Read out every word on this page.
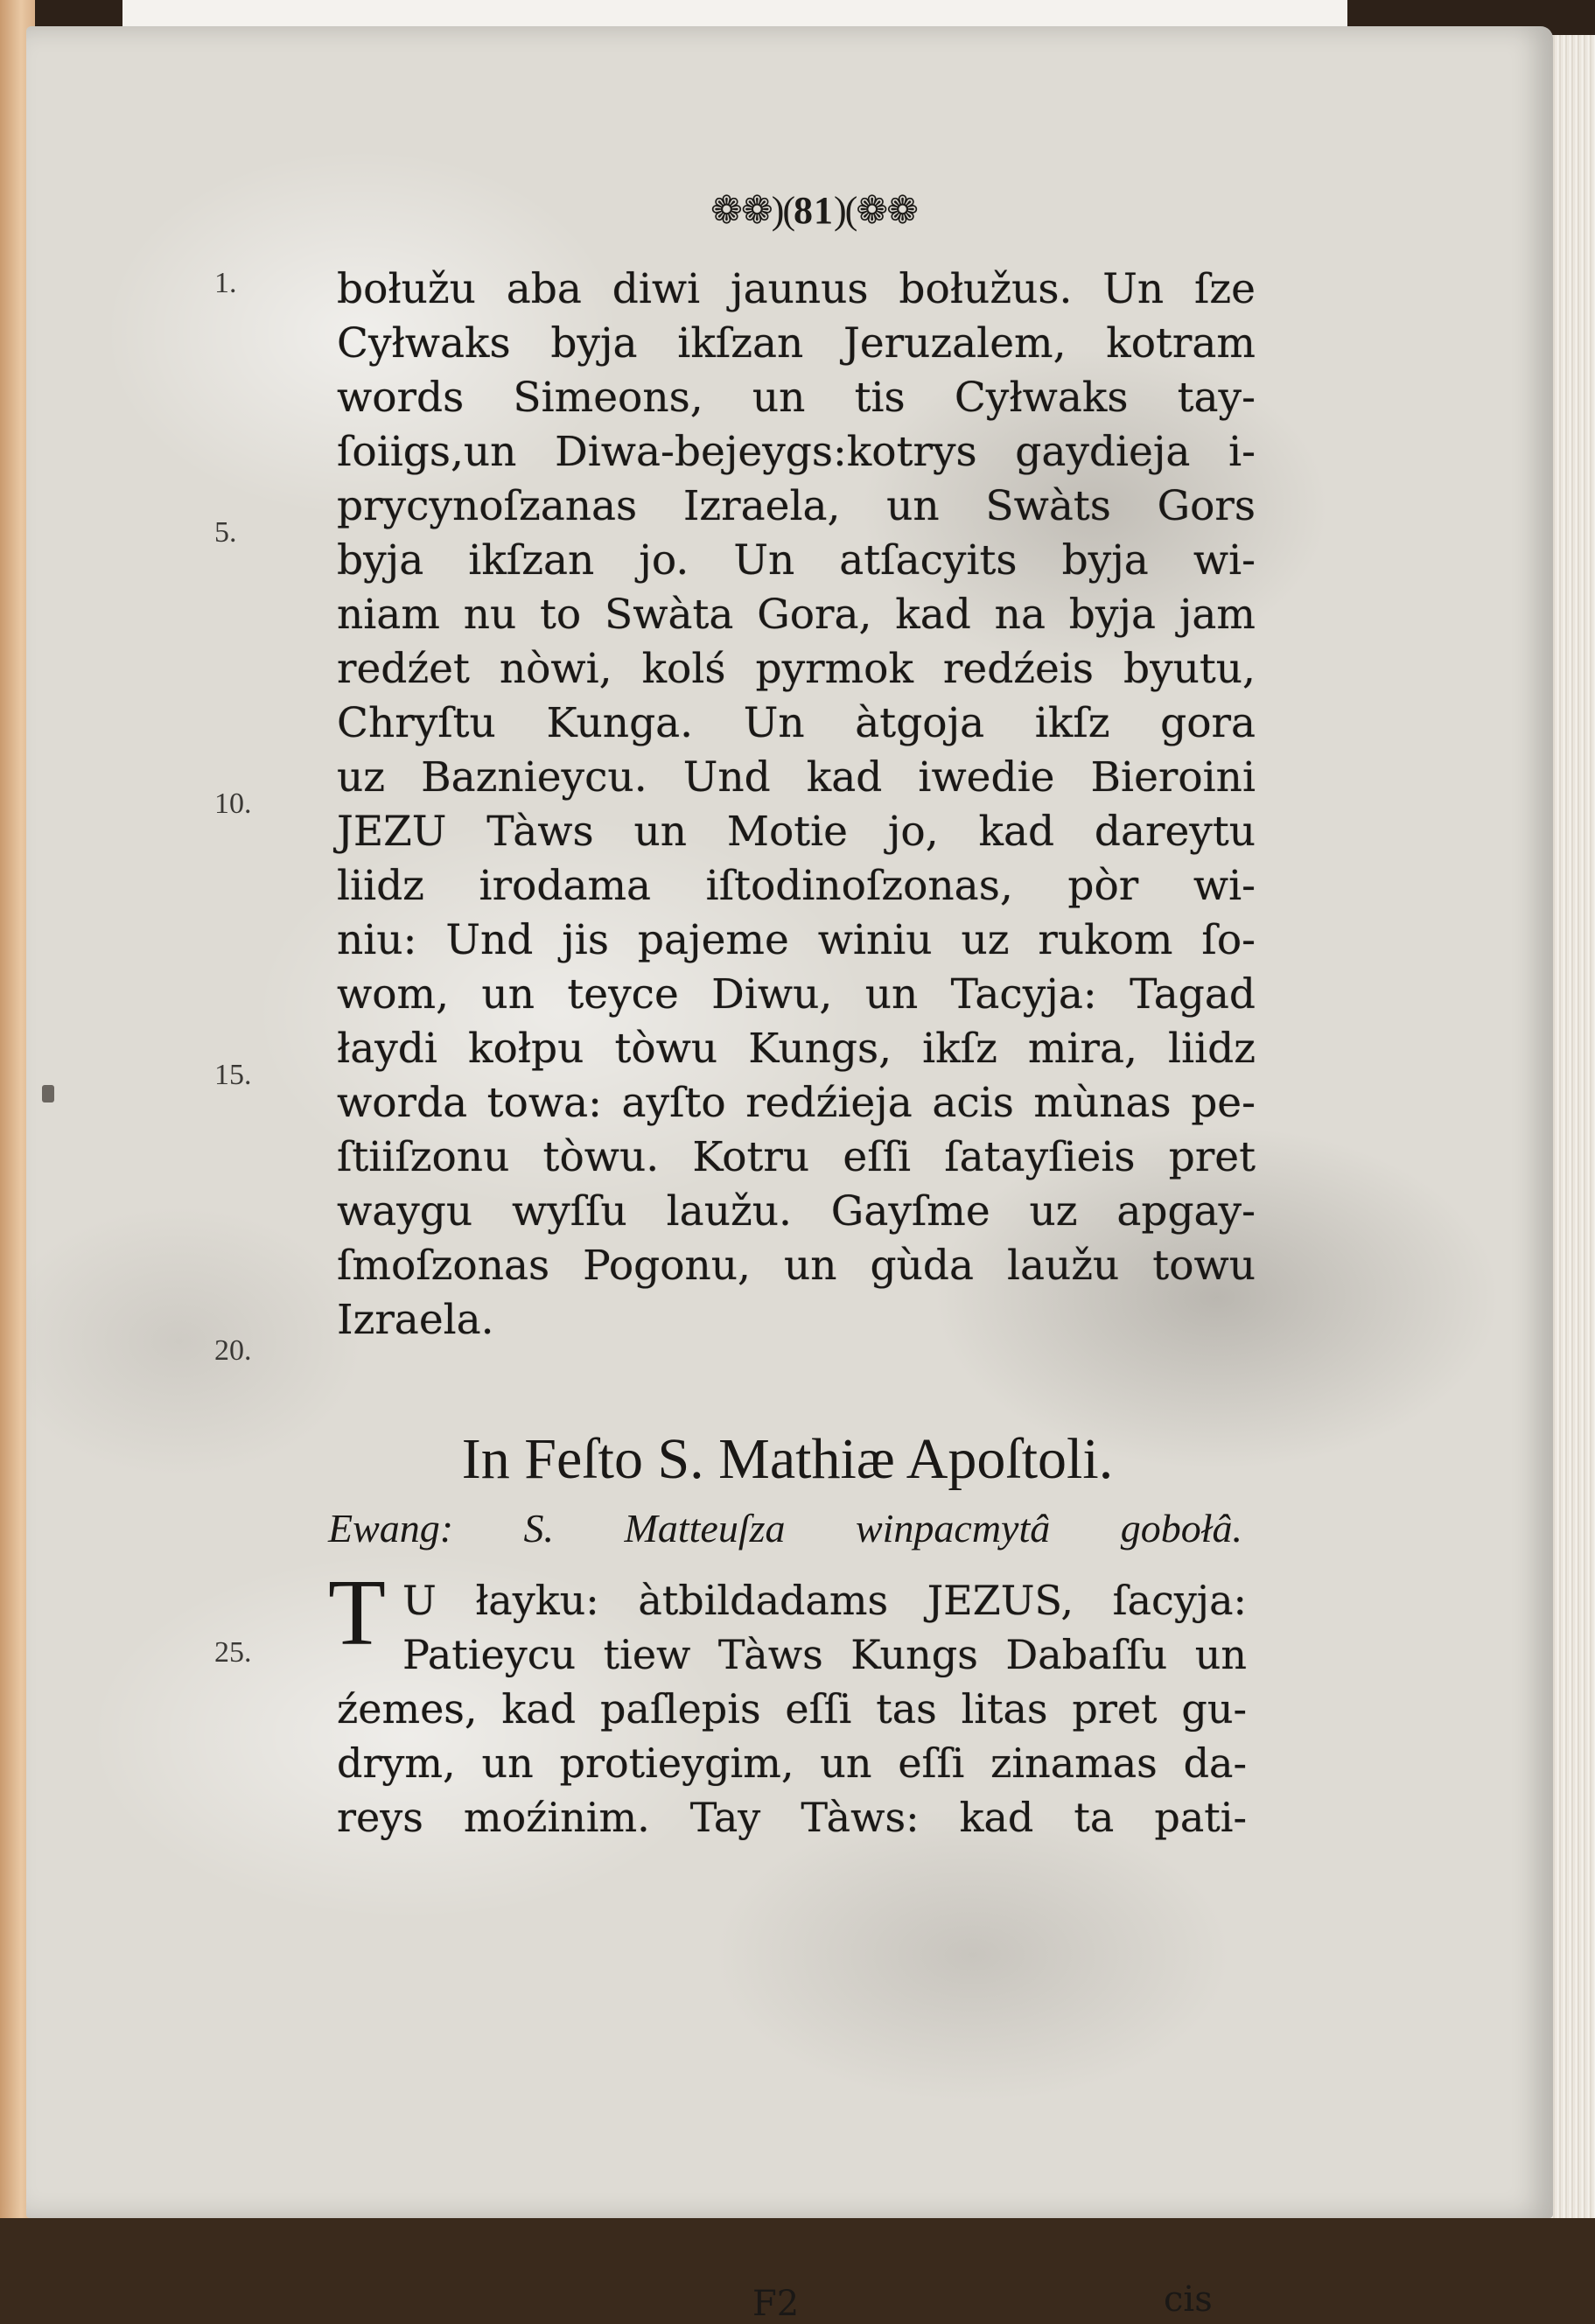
❁❁)(81)(❁❁
1.
5.
10.
15.
20.
25.
bołužu aba diwi jaunus bołužus. Un ſze
Cyłwaks byja ikſzan Jeruzalem, kotram
words Simeons, un tis Cyłwaks tay-
ſoiigs,un Diwa-bejeygs:kotrys gaydieja i-
prycynoſzanas Izraela, un Swàts Gors
byja ikſzan jo. Un atſacyits byja wi-
niam nu to Swàta Gora, kad na byja jam
redźet nòwi, kolś pyrmok redźeis byutu,
Chryſtu Kunga. Un àtgoja ikſz gora
uz Baznieycu. Und kad iwedie Bieroini
JEZU Tàws un Motie jo, kad dareytu
liidz irodama iſtodinoſzonas, pòr wi-
niu: Und jis pajeme winiu uz rukom ſo-
wom, un teyce Diwu, un Tacyja: Tagad
łaydi kołpu tòwu Kungs, ikſz mira, liidz
worda towa: ayſto redźieja acis mùnas pe-
ſtiiſzonu tòwu. Kotru eſſi ſatayſieis pret
waygu wyſſu laužu. Gayſme uz apgay-
ſmoſzonas Pogonu, un gùda laužu towu
Izraela.
In Feſto S. Mathiæ Apoſtoli.
Ewang: S. Matteuſza winpacmytâ gobołâ.
T U łayku: àtbildadams JEZUS, ſacyja:
Patieycu tiew Tàws Kungs Dabaſſu un
źemes, kad paſlepis eſſi tas litas pret gu-
drym, un protieygim, un eſſi zinamas da-
reys moźinim. Tay Tàws: kad ta pati-
F2	cis
